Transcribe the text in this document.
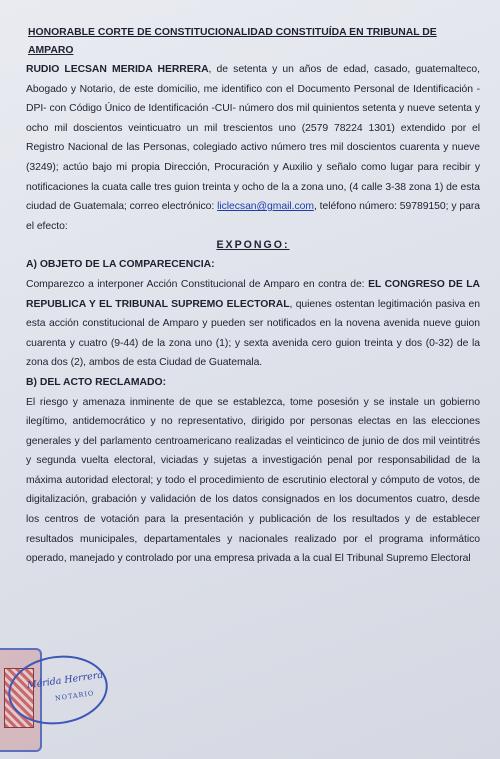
HONORABLE CORTE DE CONSTITUCIONALIDAD CONSTITUÍDA EN TRIBUNAL DE AMPARO

RUDIO LECSAN MERIDA HERRERA, de setenta y un años de edad, casado, guatemalteco, Abogado y Notario, de este domicilio, me identifico con el Documento Personal de Identificación -DPI- con Código Único de Identificación -CUI- número dos mil quinientos setenta y nueve setenta y ocho mil doscientos veinticuatro un mil trescientos uno (2579 78224 1301) extendido por el Registro Nacional de las Personas, colegiado activo número tres mil doscientos cuarenta y nueve (3249); actúo bajo mi propia Dirección, Procuración y Auxilio y señalo como lugar para recibir y notificaciones la cuata calle tres guion treinta y ocho de la a zona uno, (4 calle 3-38 zona 1) de esta ciudad de Guatemala; correo electrónico: liclecsan@gmail.com, teléfono número: 59789150; y para el efecto:

EXPONGO:

A) OBJETO DE LA COMPARECENCIA:

Comparezco a interponer Acción Constitucional de Amparo en contra de: EL CONGRESO DE LA REPUBLICA Y EL TRIBUNAL SUPREMO ELECTORAL, quienes ostentan legitimación pasiva en esta acción constitucional de Amparo y pueden ser notificados en la novena avenida nueve guion cuarenta y cuatro (9-44) de la zona uno (1); y sexta avenida cero guion treinta y dos (0-32) de la zona dos (2), ambos de esta Ciudad de Guatemala.

B) DEL ACTO RECLAMADO:

El riesgo y amenaza inminente de que se establezca, tome posesión y se instale un gobierno ilegítimo, antidemocrático y no representativo, dirigido por personas electas en las elecciones generales y del parlamento centroamericano realizadas el veinticinco de junio de dos mil veintitrés y segunda vuelta electoral, viciadas y sujetas a investigación penal por responsabilidad de la máxima autoridad electoral; y todo el procedimiento de escrutinio electoral y cómputo de votos, de digitalización, grabación y validación de los datos consignados en los documentos cuatro, desde los centros de votación para la presentación y publicación de los resultados y de establecer resultados municipales, departamentales y nacionales realizado por el programa informático operado, manejado y controlado por una empresa privada a la cual El Tribunal Supremo Electoral

Mérida Herrera
NOTARIO
